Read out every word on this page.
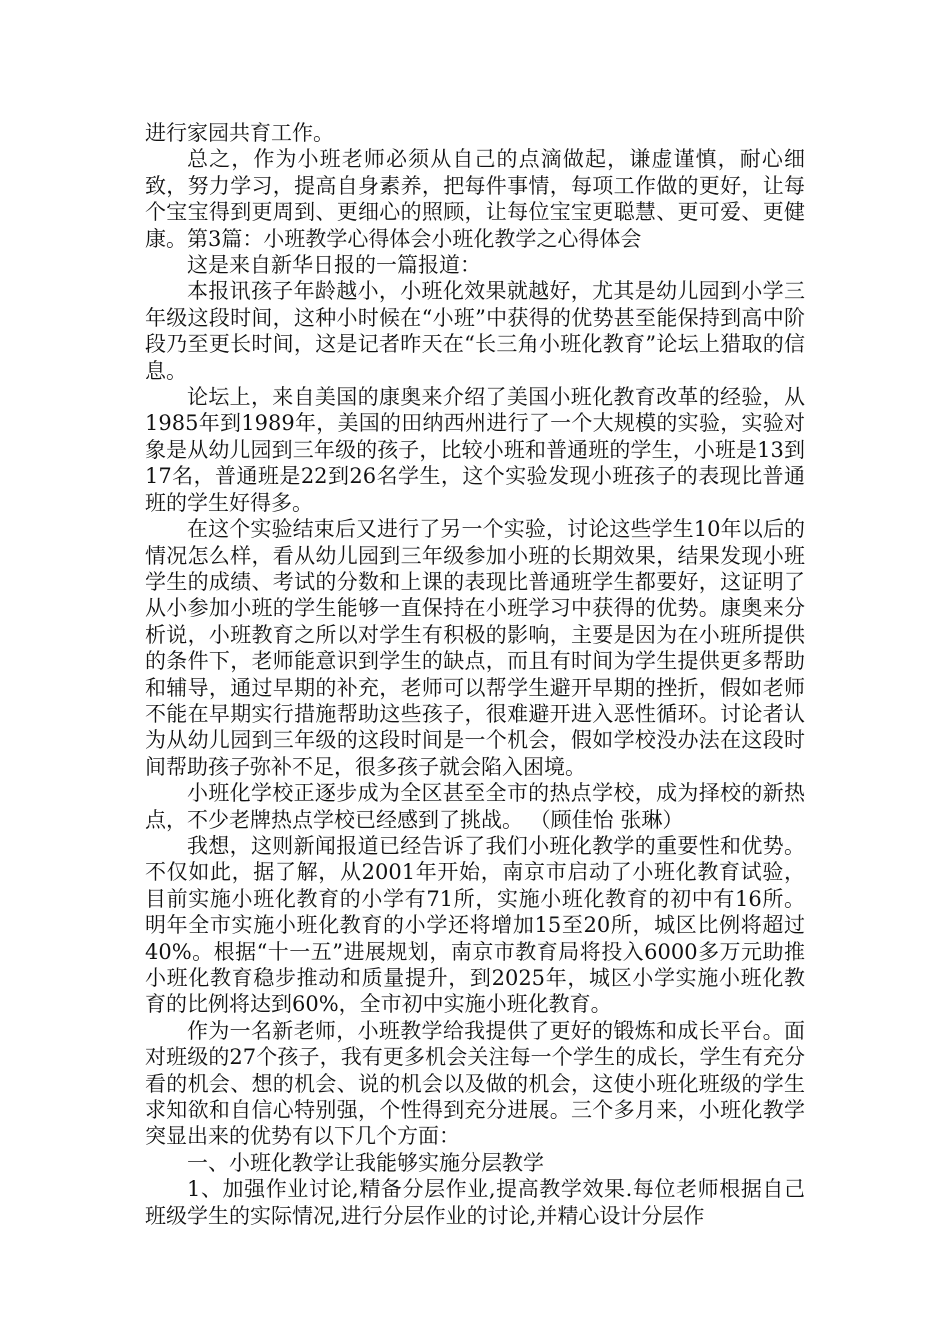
进行家园共育工作。

总之，作为小班老师必须从自己的点滴做起，谦虚谨慎，耐心细致，努力学习，提高自身素养，把每件事情，每项工作做的更好，让每个宝宝得到更周到、更细心的照顾，让每位宝宝更聪慧、更可爱、更健康。第3篇：小班教学心得体会小班化教学之心得体会

这是来自新华日报的一篇报道：

本报讯孩子年龄越小，小班化效果就越好，尤其是幼儿园到小学三年级这段时间，这种小时候在“小班”中获得的优势甚至能保持到高中阶段乃至更长时间，这是记者昨天在“长三角小班化教育”论坛上猎取的信息。

论坛上，来自美国的康奥来介绍了美国小班化教育改革的经验，从1985年到1989年，美国的田纳西州进行了一个大规模的实验，实验对象是从幼儿园到三年级的孩子，比较小班和普通班的学生，小班是13到17名，普通班是22到26名学生，这个实验发现小班孩子的表现比普通班的学生好得多。

在这个实验结束后又进行了另一个实验，讨论这些学生10年以后的情况怎么样，看从幼儿园到三年级参加小班的长期效果，结果发现小班学生的成绩、考试的分数和上课的表现比普通班学生都要好，这证明了从小参加小班的学生能够一直保持在小班学习中获得的优势。康奥来分析说，小班教育之所以对学生有积极的影响，主要是因为在小班所提供的条件下，老师能意识到学生的缺点，而且有时间为学生提供更多帮助和辅导，通过早期的补充，老师可以帮学生避开早期的挫折，假如老师不能在早期实行措施帮助这些孩子，很难避开进入恶性循环。讨论者认为从幼儿园到三年级的这段时间是一个机会，假如学校没办法在这段时间帮助孩子弥补不足，很多孩子就会陷入困境。

小班化学校正逐步成为全区甚至全市的热点学校，成为择校的新热点，不少老牌热点学校已经感到了挑战。 （顾佳怡 张琳）

我想，这则新闻报道已经告诉了我们小班化教学的重要性和优势。不仅如此，据了解，从2001年开始，南京市启动了小班化教育试验，目前实施小班化教育的小学有71所，实施小班化教育的初中有16所。明年全市实施小班化教育的小学还将增加15至20所，城区比例将超过40%。根据“十一五”进展规划，南京市教育局将投入6000多万元助推小班化教育稳步推动和质量提升，到2025年，城区小学实施小班化教育的比例将达到60%，全市初中实施小班化教育。

作为一名新老师，小班教学给我提供了更好的锻炼和成长平台。面对班级的27个孩子，我有更多机会关注每一个学生的成长，学生有充分看的机会、想的机会、说的机会以及做的机会，这使小班化班级的学生求知欲和自信心特别强，个性得到充分进展。三个多月来，小班化教学突显出来的优势有以下几个方面：

一、小班化教学让我能够实施分层教学

1、加强作业讨论,精备分层作业,提高教学效果.每位老师根据自己班级学生的实际情况,进行分层作业的讨论,并精心设计分层作
